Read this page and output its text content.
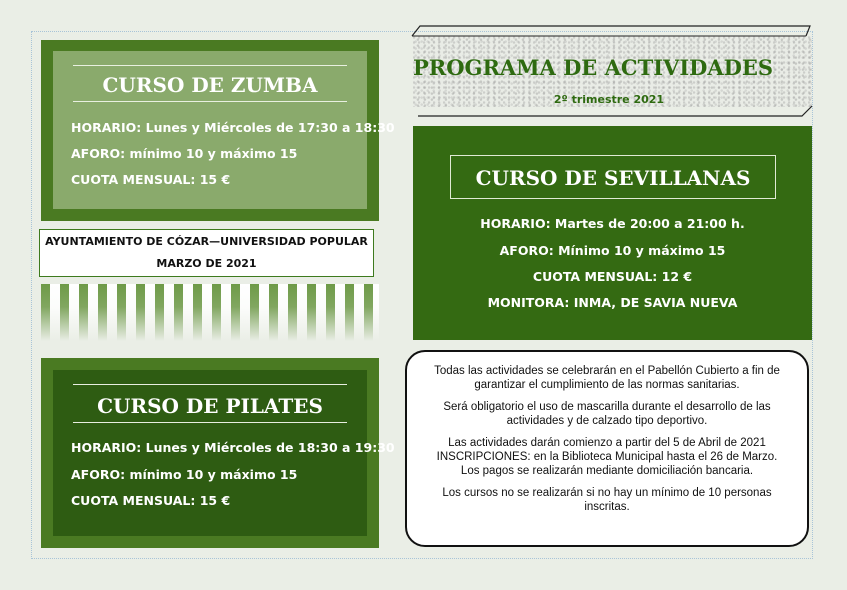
CURSO DE ZUMBA
HORARIO: Lunes y Miércoles de 17:30 a 18:30
AFORO: mínimo 10 y máximo 15
CUOTA MENSUAL: 15 €
AYUNTAMIENTO DE CÓZAR—UNIVERSIDAD POPULAR
MARZO DE 2021
CURSO DE PILATES
HORARIO: Lunes y Miércoles de 18:30 a 19:30
AFORO: mínimo 10 y máximo 15
CUOTA MENSUAL: 15 €
PROGRAMA DE ACTIVIDADES
2º trimestre 2021
CURSO DE SEVILLANAS
HORARIO: Martes de 20:00 a 21:00 h.
AFORO: Mínimo 10 y máximo 15
CUOTA MENSUAL: 12 €
MONITORA: INMA, DE SAVIA NUEVA

Todas las actividades se celebrarán en el Pabellón Cubierto a fin de garantizar el cumplimiento de las normas sanitarias.

Será obligatorio el uso de mascarilla durante el desarrollo de las actividades y de calzado tipo deportivo.

Las actividades darán comienzo a partir del 5 de Abril de 2021
INSCRIPCIONES: en la Biblioteca Municipal hasta el 26 de Marzo.
Los pagos se realizarán mediante domiciliación bancaria.

Los cursos no se realizarán si no hay un mínimo de 10 personas inscritas.
